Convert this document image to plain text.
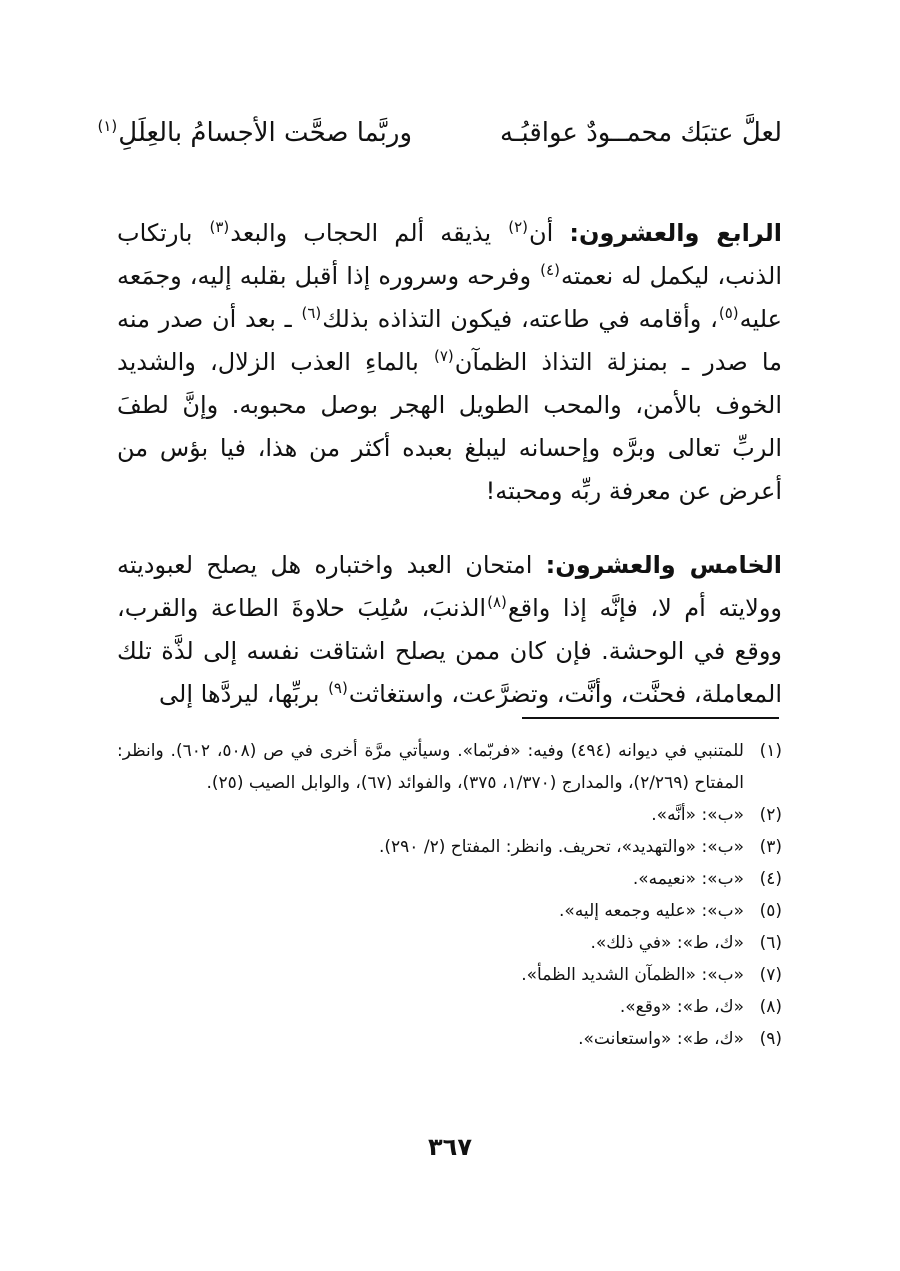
لعلَّ عتبَك محمــودٌ عواقبُـه
وربَّما صحَّت الأجسامُ بالعِلَلِ$^{(١)}$

الرابع والعشرون: أن$^{(٢)}$ يذيقه ألم الحجاب والبعد$^{(٣)}$ بارتكاب الذنب، ليكمل له نعمته$^{(٤)}$ وفرحه وسروره إذا أقبل بقلبه إليه، وجمَعه عليه$^{(٥)}$، وأقامه في طاعته، فيكون التذاذه بذلك$^{(٦)}$ ـ بعد أن صدر منه ما صدر ـ بمنزلة التذاذ الظمآن$^{(٧)}$ بالماءِ العذب الزلال، والشديد الخوف بالأمن، والمحب الطويل الهجر بوصل محبوبه. وإنَّ لطفَ الربِّ تعالى وبرَّه وإحسانه ليبلغ بعبده أكثر من هذا، فيا بؤس من أعرض عن معرفة ربِّه ومحبته!

الخامس والعشرون: امتحان العبد واختباره هل يصلح لعبوديته وولايته أم لا، فإنَّه إذا واقع$^{(٨)}$الذنبَ، سُلِبَ حلاوةَ الطاعة والقرب، ووقع في الوحشة. فإن كان ممن يصلح اشتاقت نفسه إلى لذَّة تلك المعاملة، فحنَّت، وأنَّت، وتضرَّعت، واستغاثت$^{(٩)}$ بربِّها، ليردَّها إلى

(١)
للمتنبي في ديوانه (٤٩٤) وفيه: «فربّما». وسيأتي مرَّة أخرى في ص (٥٠٨، ٦٠٢). وانظر: المفتاح (٢/٢٦٩)، والمدارج (١/٣٧٠، ٣٧٥)، والفوائد (٦٧)، والوابل الصيب (٢٥).
(٢)
«ب»: «أنَّه».
(٣)
«ب»: «والتهديد»، تحريف. وانظر: المفتاح (٢/ ٢٩٠).
(٤)
«ب»: «نعيمه».
(٥)
«ب»: «عليه وجمعه إليه».
(٦)
«ك، ط»: «في ذلك».
(٧)
«ب»: «الظمآن الشديد الظمأ».
(٨)
«ك، ط»: «وقع».
(٩)
«ك، ط»: «واستعانت».
٣٦٧
